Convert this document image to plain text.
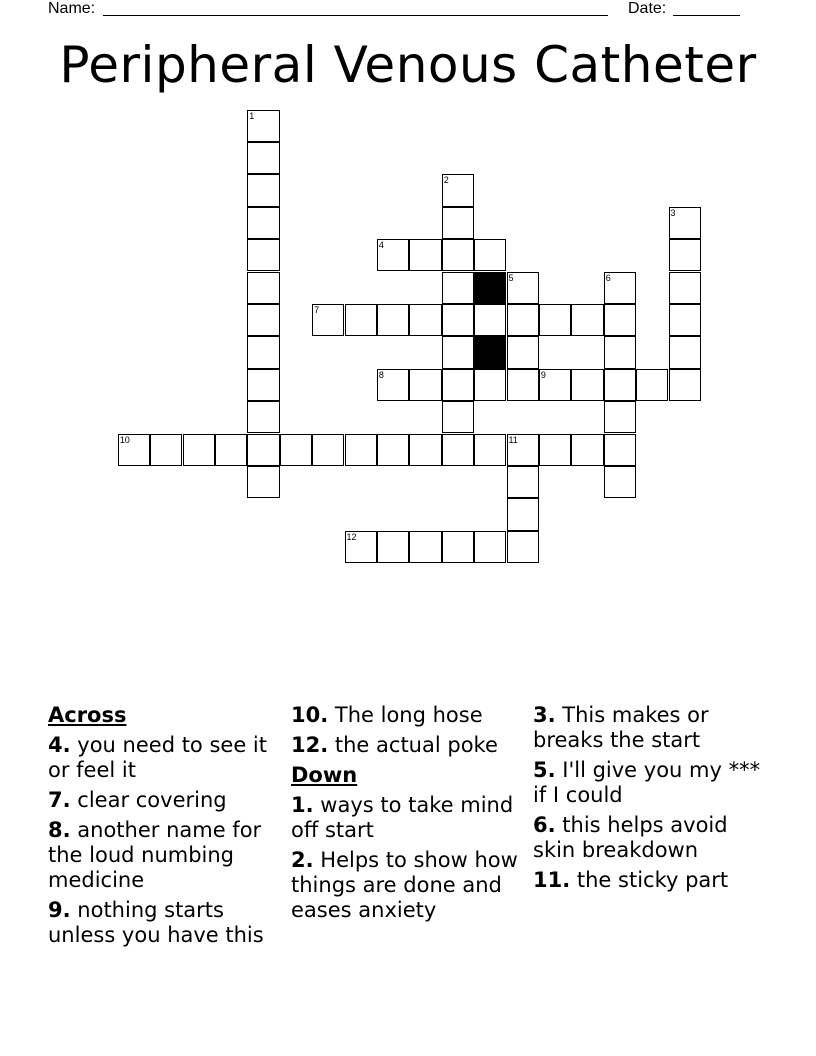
Name:	Date:
Peripheral Venous Catheter
1
2
3
4
5	6
7
8	9
10	11
12
Across
4. you need to see it or feel it
7. clear covering
8. another name for the loud numbing medicine
9. nothing starts unless you have this
10. The long hose
12. the actual poke
Down
1. ways to take mind off start
2. Helps to show how things are done and eases anxiety
3. This makes or breaks the start
5. I'll give you my *** if I could
6. this helps avoid skin breakdown
11. the sticky part
